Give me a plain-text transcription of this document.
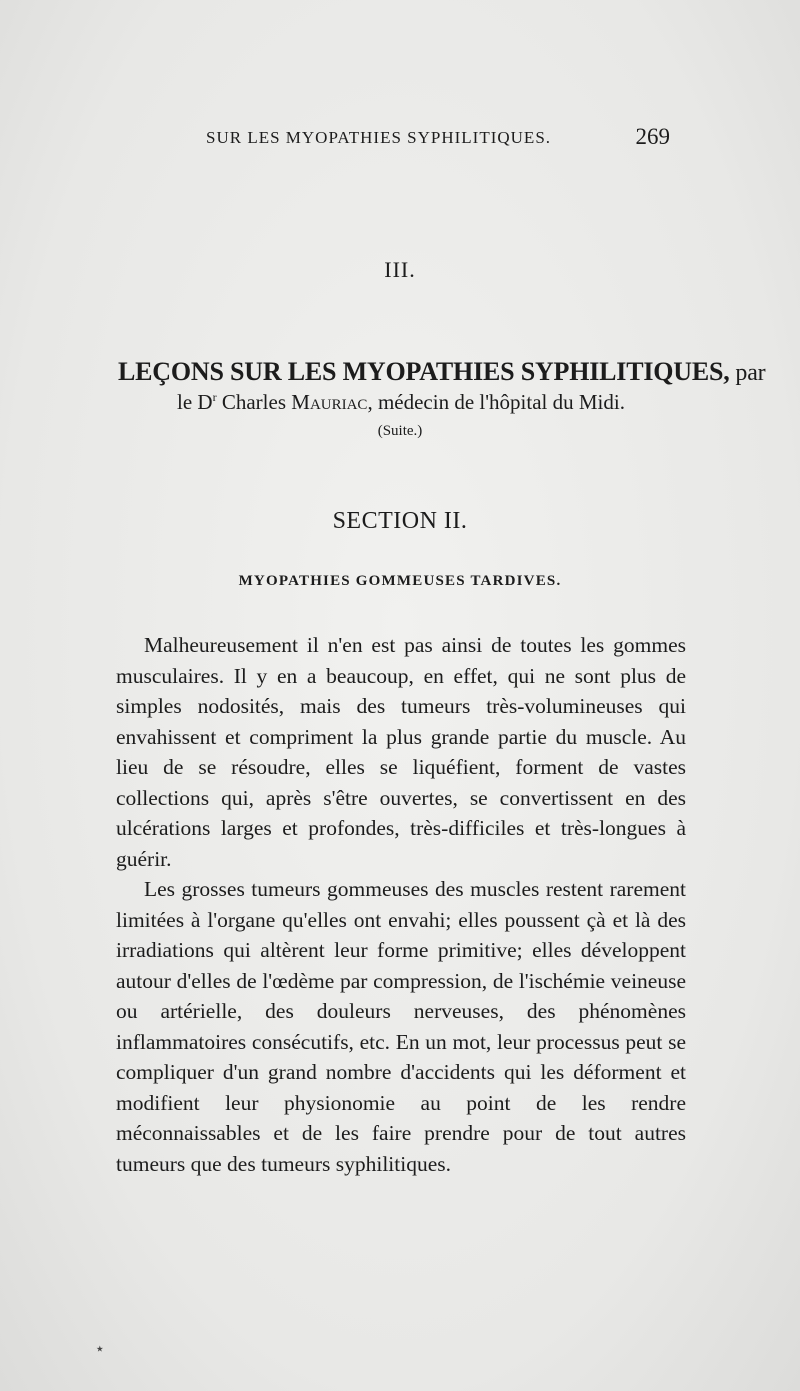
SUR LES MYOPATHIES SYPHILITIQUES.	269
III.
LEÇONS SUR LES MYOPATHIES SYPHILITIQUES, par
le $D^r$ Charles Mauriac, médecin de l'hôpital du Midi.
(Suite.)
SECTION II.
MYOPATHIES GOMMEUSES TARDIVES.

Malheureusement il n'en est pas ainsi de toutes les gommes musculaires. Il y en a beaucoup, en effet, qui ne sont plus de simples nodosités, mais des tumeurs très-volumineuses qui envahissent et compriment la plus grande partie du muscle. Au lieu de se résoudre, elles se liquéfient, forment de vastes collections qui, après s'être ouvertes, se convertissent en des ulcérations larges et profondes, très-difficiles et très-longues à guérir.

Les grosses tumeurs gommeuses des muscles restent rarement limitées à l'organe qu'elles ont envahi; elles poussent çà et là des irradiations qui altèrent leur forme primitive; elles développent autour d'elles de l'œdème par compression, de l'ischémie veineuse ou artérielle, des douleurs nerveuses, des phénomènes inflammatoires consécutifs, etc. En un mot, leur processus peut se compliquer d'un grand nombre d'accidents qui les déforment et modifient leur physionomie au point de les rendre méconnaissables et de les faire prendre pour de tout autres tumeurs que des tumeurs syphilitiques.

٭
